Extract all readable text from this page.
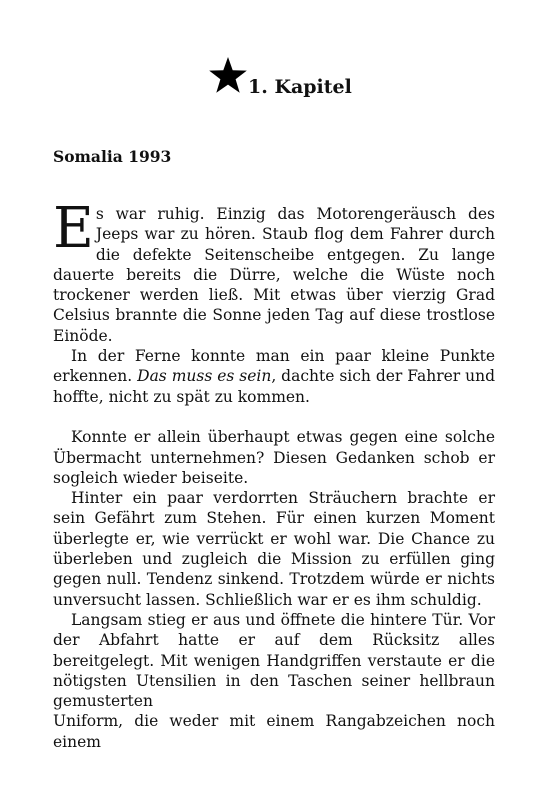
1. Kapitel
Somalia 1993

Es war ruhig. Einzig das Motorengeräusch des Jeeps war zu hören. Staub flog dem Fahrer durch die defekte Seitenscheibe entgegen. Zu lange dauerte bereits die Dürre, welche die Wüste noch trockener werden ließ. Mit etwas über vierzig Grad Celsius brannte die Sonne jeden Tag auf diese trostlose Einöde.

In der Ferne konnte man ein paar kleine Punkte erkennen. Das muss es sein, dachte sich der Fahrer und hoffte, nicht zu spät zu kommen.

Konnte er allein überhaupt etwas gegen eine solche Übermacht unternehmen? Diesen Gedanken schob er sogleich wieder beiseite.

Hinter ein paar verdorrten Sträuchern brachte er sein Gefährt zum Stehen. Für einen kurzen Moment überlegte er, wie verrückt er wohl war. Die Chance zu überleben und zugleich die Mission zu erfüllen ging gegen null. Tendenz sinkend. Trotzdem würde er nichts unversucht lassen. Schließlich war er es ihm schuldig.

Langsam stieg er aus und öffnete die hintere Tür. Vor der Abfahrt hatte er auf dem Rücksitz alles bereitgelegt. Mit wenigen Handgriffen verstaute er die nötigsten Utensilien in den Taschen seiner hellbraun gemusterten
Uniform, die weder mit einem Rangabzeichen noch einem
